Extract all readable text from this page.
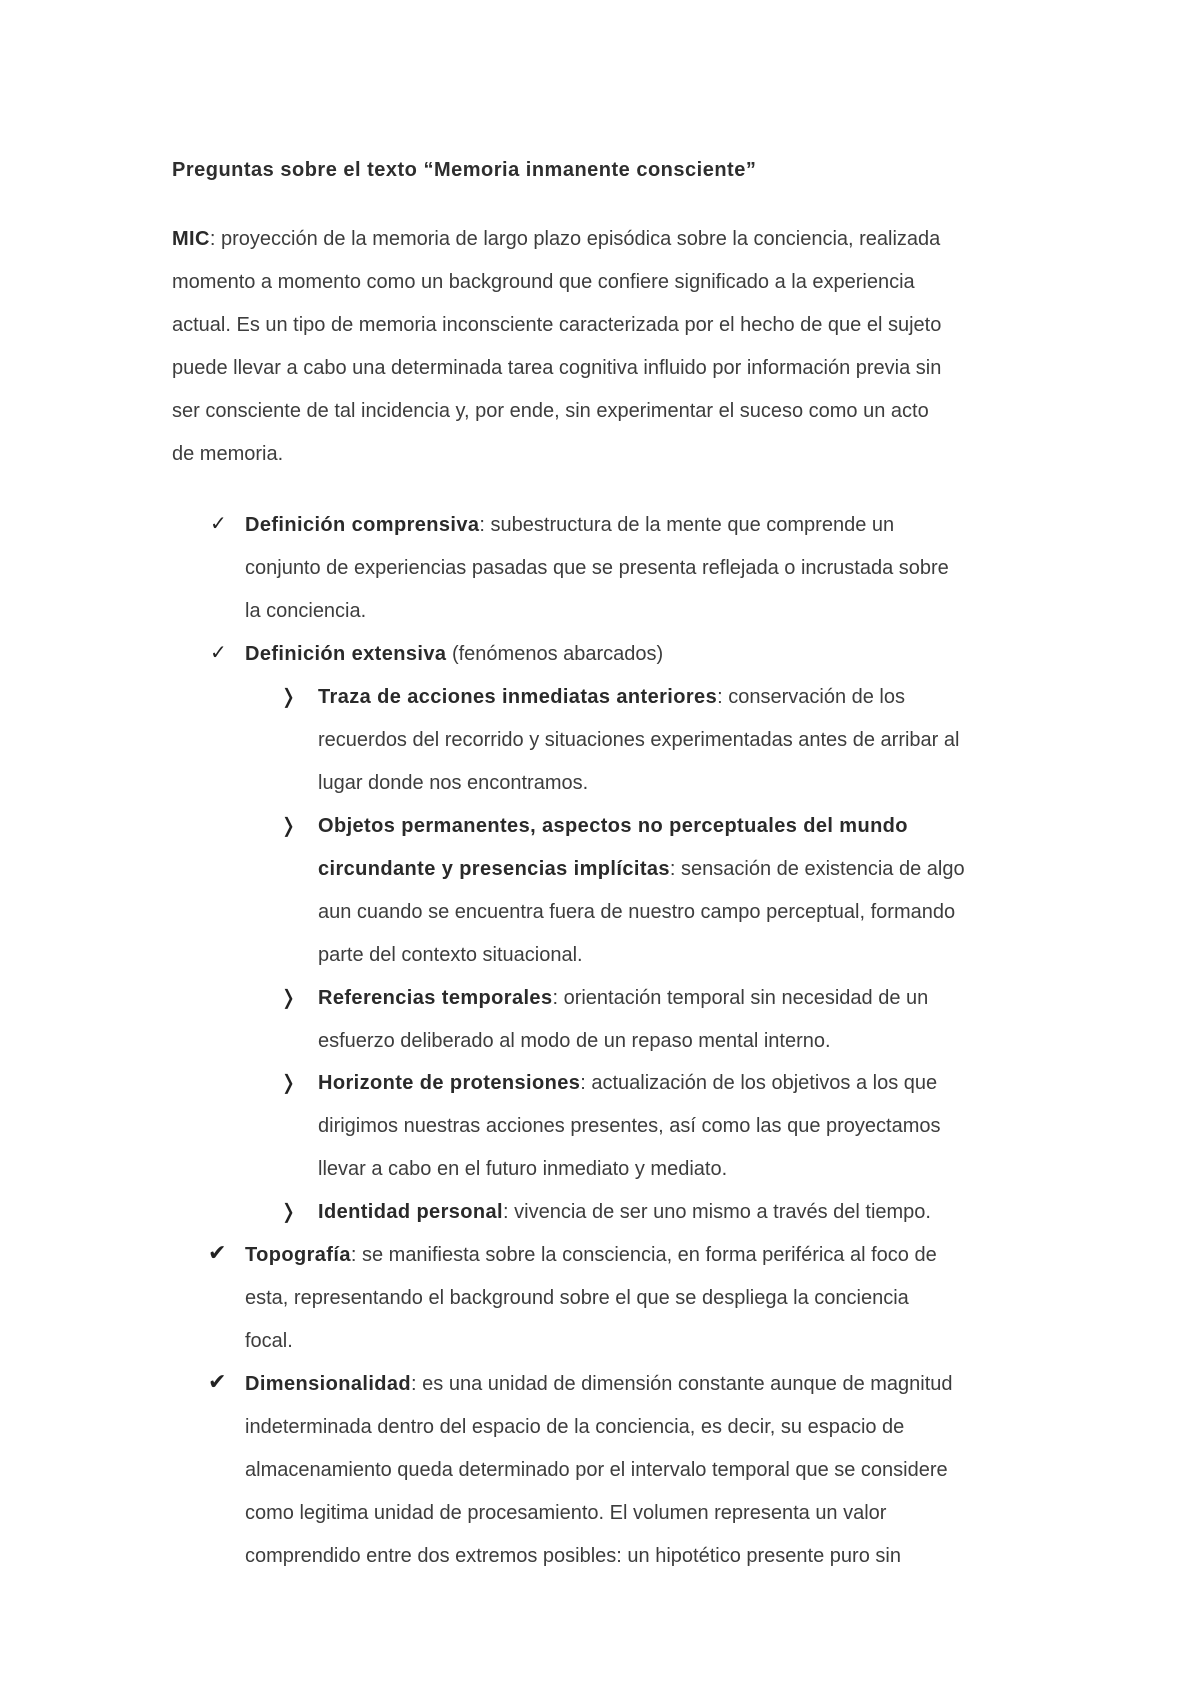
Preguntas sobre el texto “Memoria inmanente consciente”
MIC: proyección de la memoria de largo plazo episódica sobre la conciencia, realizada
momento a momento como un background que confiere significado a la experiencia
actual. Es un tipo de memoria inconsciente caracterizada por el hecho de que el sujeto
puede llevar a cabo una determinada tarea cognitiva influido por información previa sin
ser consciente de tal incidencia y, por ende, sin experimentar el suceso como un acto
de memoria.
✓ Definición comprensiva: subestructura de la mente que comprende un
conjunto de experiencias pasadas que se presenta reflejada o incrustada sobre
la conciencia.
✓ Definición extensiva (fenómenos abarcados)
❭ Traza de acciones inmediatas anteriores: conservación de los
recuerdos del recorrido y situaciones experimentadas antes de arribar al
lugar donde nos encontramos.
❭ Objetos permanentes, aspectos no perceptuales del mundo
circundante y presencias implícitas: sensación de existencia de algo
aun cuando se encuentra fuera de nuestro campo perceptual, formando
parte del contexto situacional.
❭ Referencias temporales: orientación temporal sin necesidad de un
esfuerzo deliberado al modo de un repaso mental interno.
❭ Horizonte de protensiones: actualización de los objetivos a los que
dirigimos nuestras acciones presentes, así como las que proyectamos
llevar a cabo en el futuro inmediato y mediato.
❭ Identidad personal: vivencia de ser uno mismo a través del tiempo.
✔ Topografía: se manifiesta sobre la consciencia, en forma periférica al foco de
esta, representando el background sobre el que se despliega la conciencia
focal.
✔ Dimensionalidad: es una unidad de dimensión constante aunque de magnitud
indeterminada dentro del espacio de la conciencia, es decir, su espacio de
almacenamiento queda determinado por el intervalo temporal que se considere
como legitima unidad de procesamiento. El volumen representa un valor
comprendido entre dos extremos posibles: un hipotético presente puro sin
